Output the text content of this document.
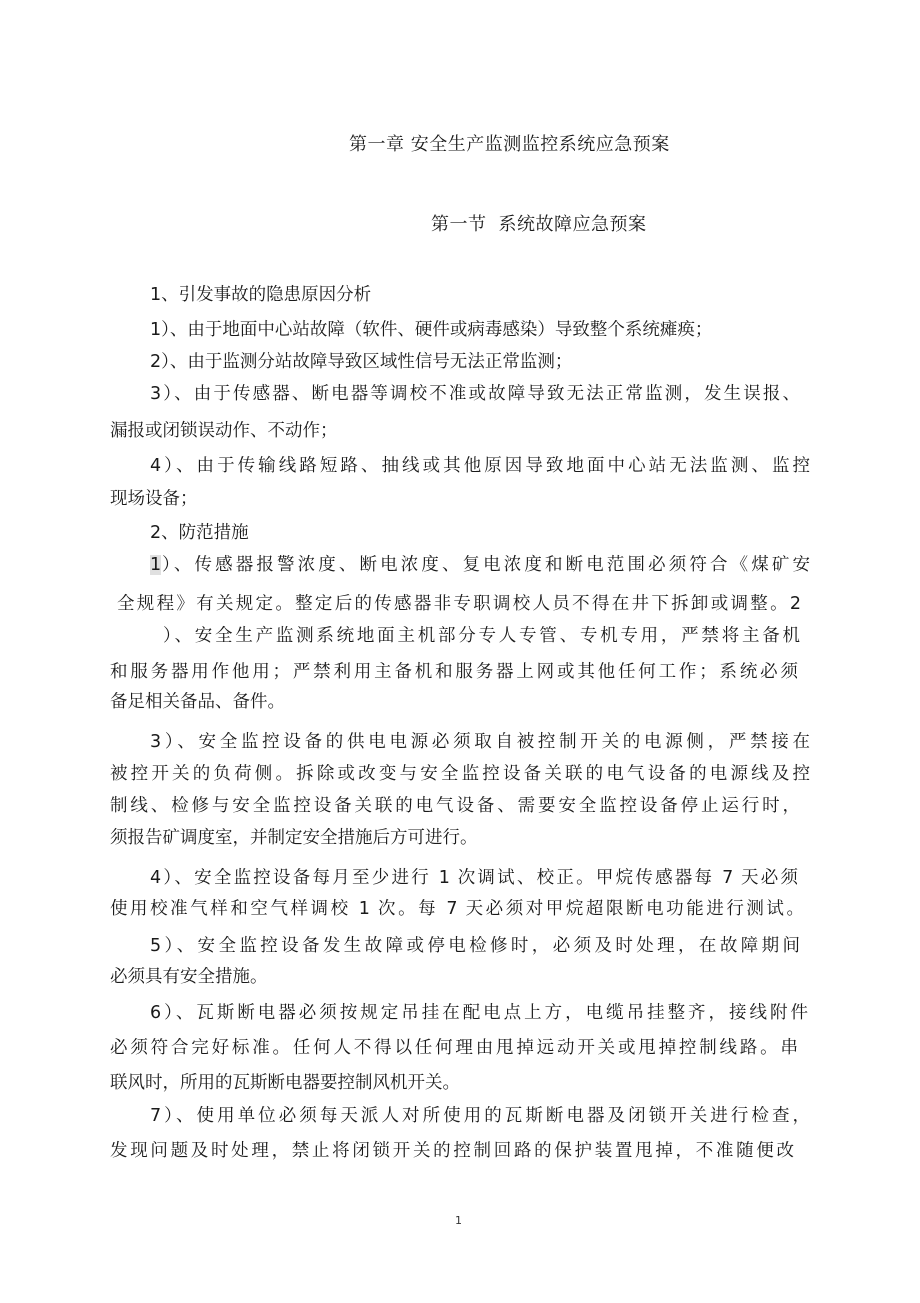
第一章 安全生产监测监控系统应急预案
第一节 系统故障应急预案
1、引发事故的隐患原因分析
1）、由于地面中心站故障（软件、硬件或病毒感染）导致整个系统瘫痪；
2）、由于监测分站故障导致区域性信号无法正常监测；
3）、由于传感器、断电器等调校不准或故障导致无法正常监测，发生误报、
漏报或闭锁误动作、不动作；
4）、由于传输线路短路、抽线或其他原因导致地面中心站无法监测、监控
现场设备；
2、防范措施
1 ）、传感器报警浓度、断电浓度、复电浓度和断电范围必须符合《煤矿安
全规程》有关规定。整定后的传感器非专职调校人员不得在井下拆卸或调整。2
）、安全生产监测系统地面主机部分专人专管、专机专用，严禁将主备机
和服务器用作他用；严禁利用主备机和服务器上网或其他任何工作；系统必须
备足相关备品、备件。
3）、安全监控设备的供电电源必须取自被控制开关的电源侧，严禁接在
被控开关的负荷侧。拆除或改变与安全监控设备关联的电气设备的电源线及控
制线、检修与安全监控设备关联的电气设备、需要安全监控设备停止运行时，
须报告矿调度室，并制定安全措施后方可进行。
4）、安全监控设备每月至少进行 1 次调试、校正。甲烷传感器每 7 天必须
使用校准气样和空气样调校 1 次。每 7 天必须对甲烷超限断电功能进行测试。
5）、安全监控设备发生故障或停电检修时，必须及时处理，在故障期间
必须具有安全措施。
6）、瓦斯断电器必须按规定吊挂在配电点上方，电缆吊挂整齐，接线附件
必须符合完好标准。任何人不得以任何理由甩掉远动开关或甩掉控制线路。串
联风时，所用的瓦斯断电器要控制风机开关。
7）、使用单位必须每天派人对所使用的瓦斯断电器及闭锁开关进行检查，
发现问题及时处理，禁止将闭锁开关的控制回路的保护装置甩掉，不准随便改
1
